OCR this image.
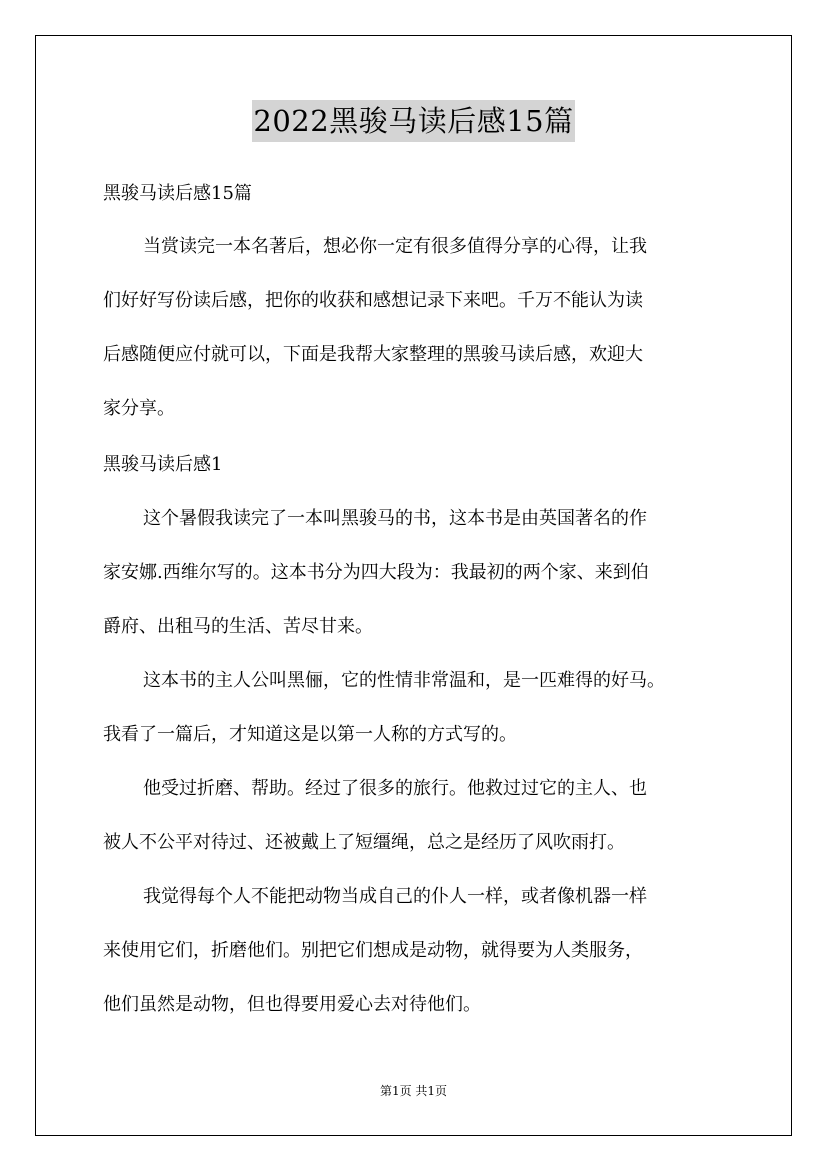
2022黑骏马读后感15篇
黑骏马读后感15篇
当赏读完一本名著后，想必你一定有很多值得分享的心得，让我
们好好写份读后感，把你的收获和感想记录下来吧。千万不能认为读
后感随便应付就可以，下面是我帮大家整理的黑骏马读后感，欢迎大
家分享。
黑骏马读后感1
这个暑假我读完了一本叫黑骏马的书，这本书是由英国著名的作
家安娜.西维尔写的。这本书分为四大段为：我最初的两个家、来到伯
爵府、出租马的生活、苦尽甘来。
这本书的主人公叫黑俪，它的性情非常温和，是一匹难得的好马。
我看了一篇后，才知道这是以第一人称的方式写的。
他受过折磨、帮助。经过了很多的旅行。他救过过它的主人、也
被人不公平对待过、还被戴上了短缰绳，总之是经历了风吹雨打。
我觉得每个人不能把动物当成自己的仆人一样，或者像机器一样
来使用它们，折磨他们。别把它们想成是动物，就得要为人类服务，
他们虽然是动物，但也得要用爱心去对待他们。
第1页 共1页
